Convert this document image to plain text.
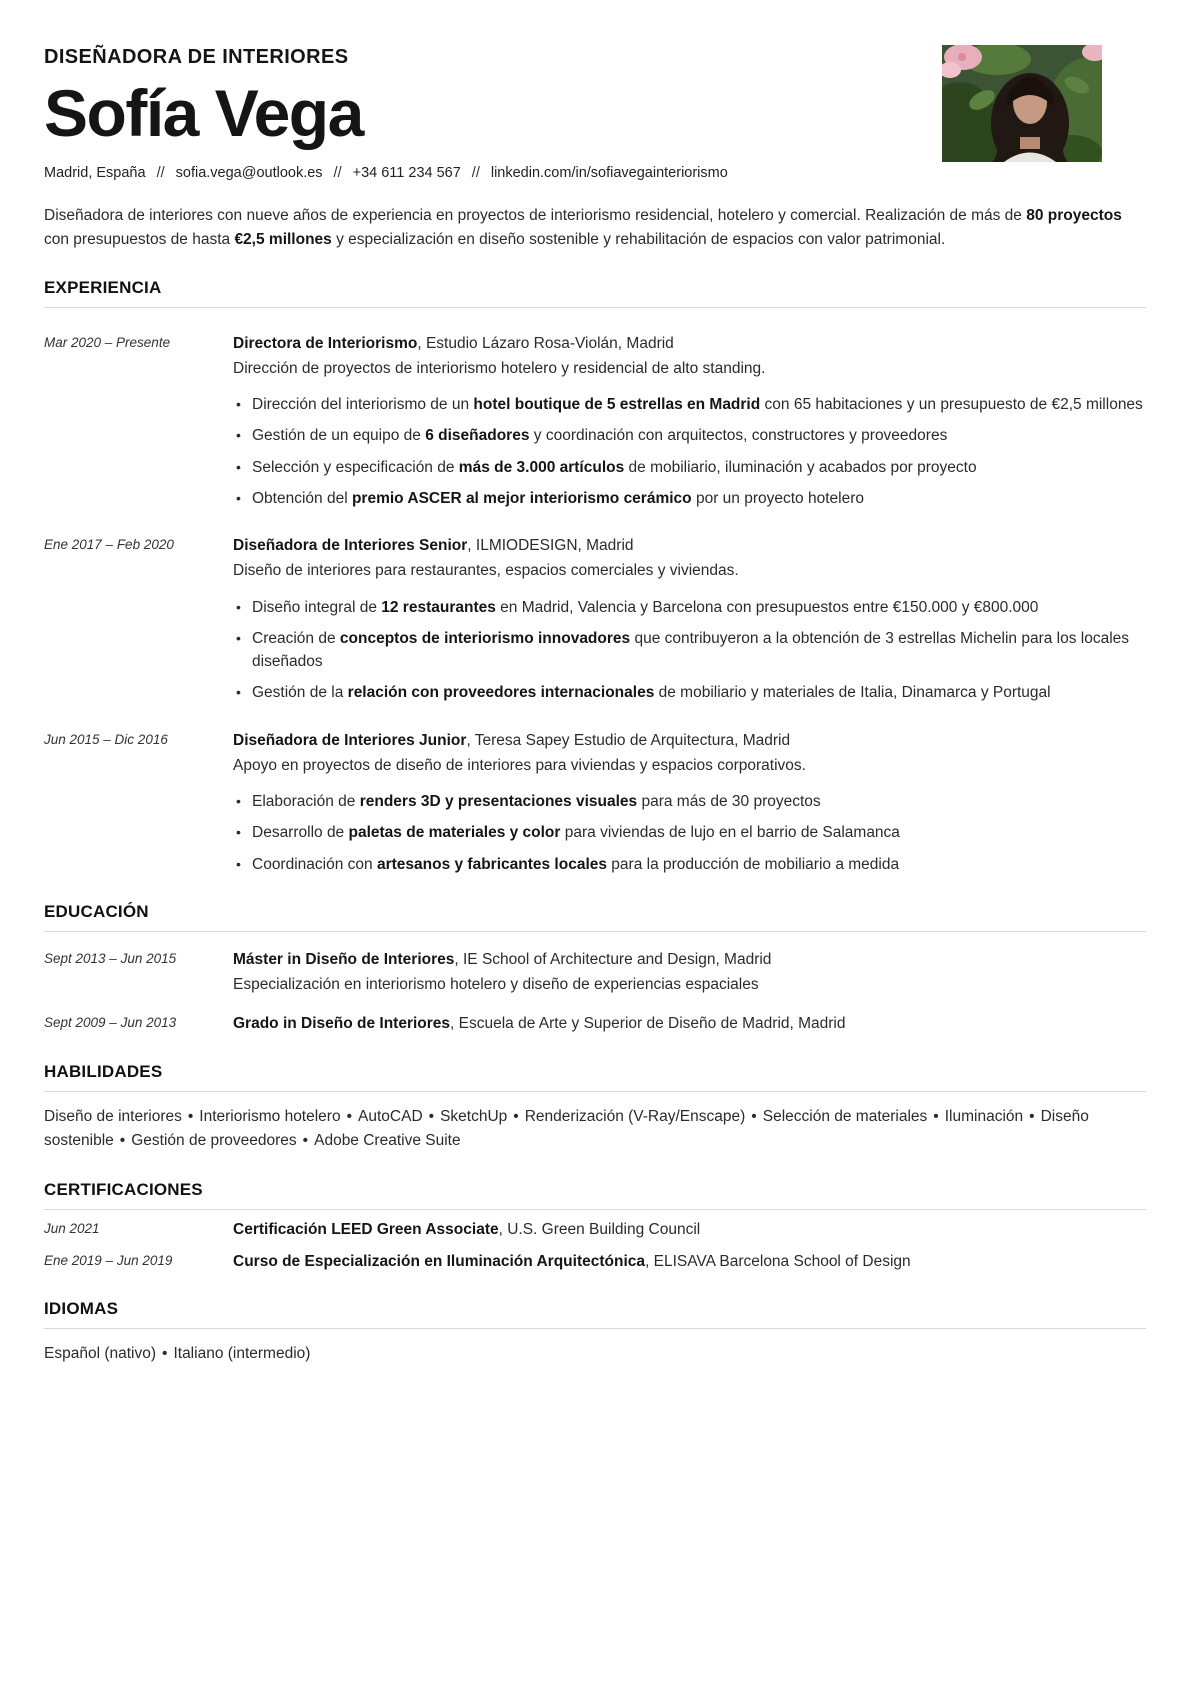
DISEÑADORA DE INTERIORES
Sofía Vega
Madrid, España // sofia.vega@outlook.es // +34 611 234 567 // linkedin.com/in/sofiavegainteriorismo

Diseñadora de interiores con nueve años de experiencia en proyectos de interiorismo residencial, hotelero y comercial. Realización de más de 80 proyectos con presupuestos de hasta €2,5 millones y especialización en diseño sostenible y rehabilitación de espacios con valor patrimonial.

EXPERIENCIA
Mar 2020 – Presente	Directora de Interiorismo, Estudio Lázaro Rosa-Violán, Madrid
Dirección de proyectos de interiorismo hotelero y residencial de alto standing.
• Dirección del interiorismo de un hotel boutique de 5 estrellas en Madrid con 65 habitaciones y un presupuesto de €2,5 millones
• Gestión de un equipo de 6 diseñadores y coordinación con arquitectos, constructores y proveedores
• Selección y especificación de más de 3.000 artículos de mobiliario, iluminación y acabados por proyecto
• Obtención del premio ASCER al mejor interiorismo cerámico por un proyecto hotelero
Ene 2017 – Feb 2020	Diseñadora de Interiores Senior, ILMIODESIGN, Madrid
Diseño de interiores para restaurantes, espacios comerciales y viviendas.
• Diseño integral de 12 restaurantes en Madrid, Valencia y Barcelona con presupuestos entre €150.000 y €800.000
• Creación de conceptos de interiorismo innovadores que contribuyeron a la obtención de 3 estrellas Michelin para los locales diseñados
• Gestión de la relación con proveedores internacionales de mobiliario y materiales de Italia, Dinamarca y Portugal
Jun 2015 – Dic 2016	Diseñadora de Interiores Junior, Teresa Sapey Estudio de Arquitectura, Madrid
Apoyo en proyectos de diseño de interiores para viviendas y espacios corporativos.
• Elaboración de renders 3D y presentaciones visuales para más de 30 proyectos
• Desarrollo de paletas de materiales y color para viviendas de lujo en el barrio de Salamanca
• Coordinación con artesanos y fabricantes locales para la producción de mobiliario a medida
EDUCACIÓN
Sept 2013 – Jun 2015	Máster in Diseño de Interiores, IE School of Architecture and Design, Madrid
Especialización en interiorismo hotelero y diseño de experiencias espaciales
Sept 2009 – Jun 2013	Grado in Diseño de Interiores, Escuela de Arte y Superior de Diseño de Madrid, Madrid
HABILIDADES
Diseño de interiores • Interiorismo hotelero • AutoCAD • SketchUp • Renderización (V-Ray/Enscape) • Selección de materiales • Iluminación • Diseño sostenible • Gestión de proveedores • Adobe Creative Suite
CERTIFICACIONES
Jun 2021	Certificación LEED Green Associate, U.S. Green Building Council
Ene 2019 – Jun 2019	Curso de Especialización en Iluminación Arquitectónica, ELISAVA Barcelona School of Design
IDIOMAS
Español (nativo) • Italiano (intermedio)
